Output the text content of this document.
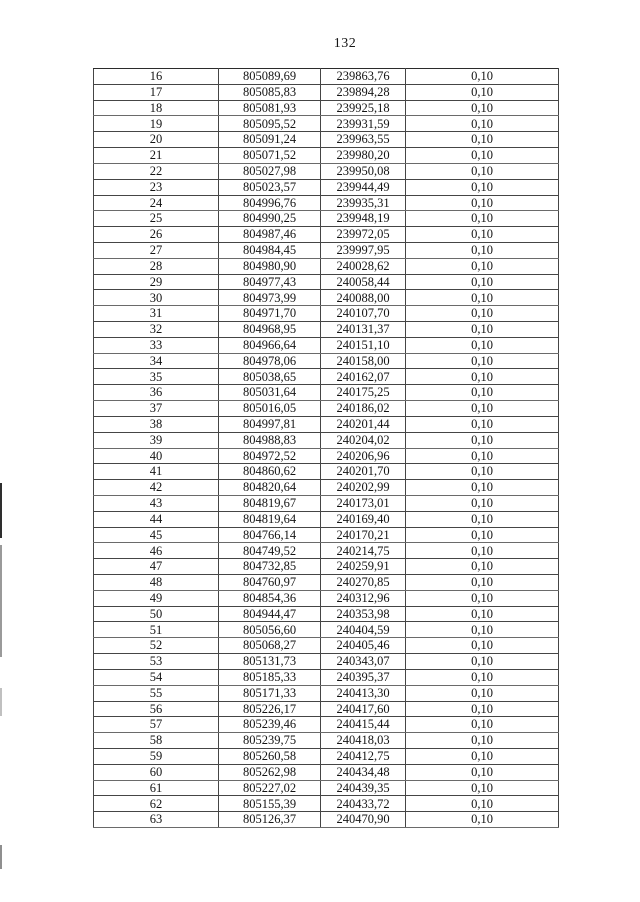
132
16	805089,69	239863,76	0,10
17	805085,83	239894,28	0,10
18	805081,93	239925,18	0,10
19	805095,52	239931,59	0,10
20	805091,24	239963,55	0,10
21	805071,52	239980,20	0,10
22	805027,98	239950,08	0,10
23	805023,57	239944,49	0,10
24	804996,76	239935,31	0,10
25	804990,25	239948,19	0,10
26	804987,46	239972,05	0,10
27	804984,45	239997,95	0,10
28	804980,90	240028,62	0,10
29	804977,43	240058,44	0,10
30	804973,99	240088,00	0,10
31	804971,70	240107,70	0,10
32	804968,95	240131,37	0,10
33	804966,64	240151,10	0,10
34	804978,06	240158,00	0,10
35	805038,65	240162,07	0,10
36	805031,64	240175,25	0,10
37	805016,05	240186,02	0,10
38	804997,81	240201,44	0,10
39	804988,83	240204,02	0,10
40	804972,52	240206,96	0,10
41	804860,62	240201,70	0,10
42	804820,64	240202,99	0,10
43	804819,67	240173,01	0,10
44	804819,64	240169,40	0,10
45	804766,14	240170,21	0,10
46	804749,52	240214,75	0,10
47	804732,85	240259,91	0,10
48	804760,97	240270,85	0,10
49	804854,36	240312,96	0,10
50	804944,47	240353,98	0,10
51	805056,60	240404,59	0,10
52	805068,27	240405,46	0,10
53	805131,73	240343,07	0,10
54	805185,33	240395,37	0,10
55	805171,33	240413,30	0,10
56	805226,17	240417,60	0,10
57	805239,46	240415,44	0,10
58	805239,75	240418,03	0,10
59	805260,58	240412,75	0,10
60	805262,98	240434,48	0,10
61	805227,02	240439,35	0,10
62	805155,39	240433,72	0,10
63	805126,37	240470,90	0,10
